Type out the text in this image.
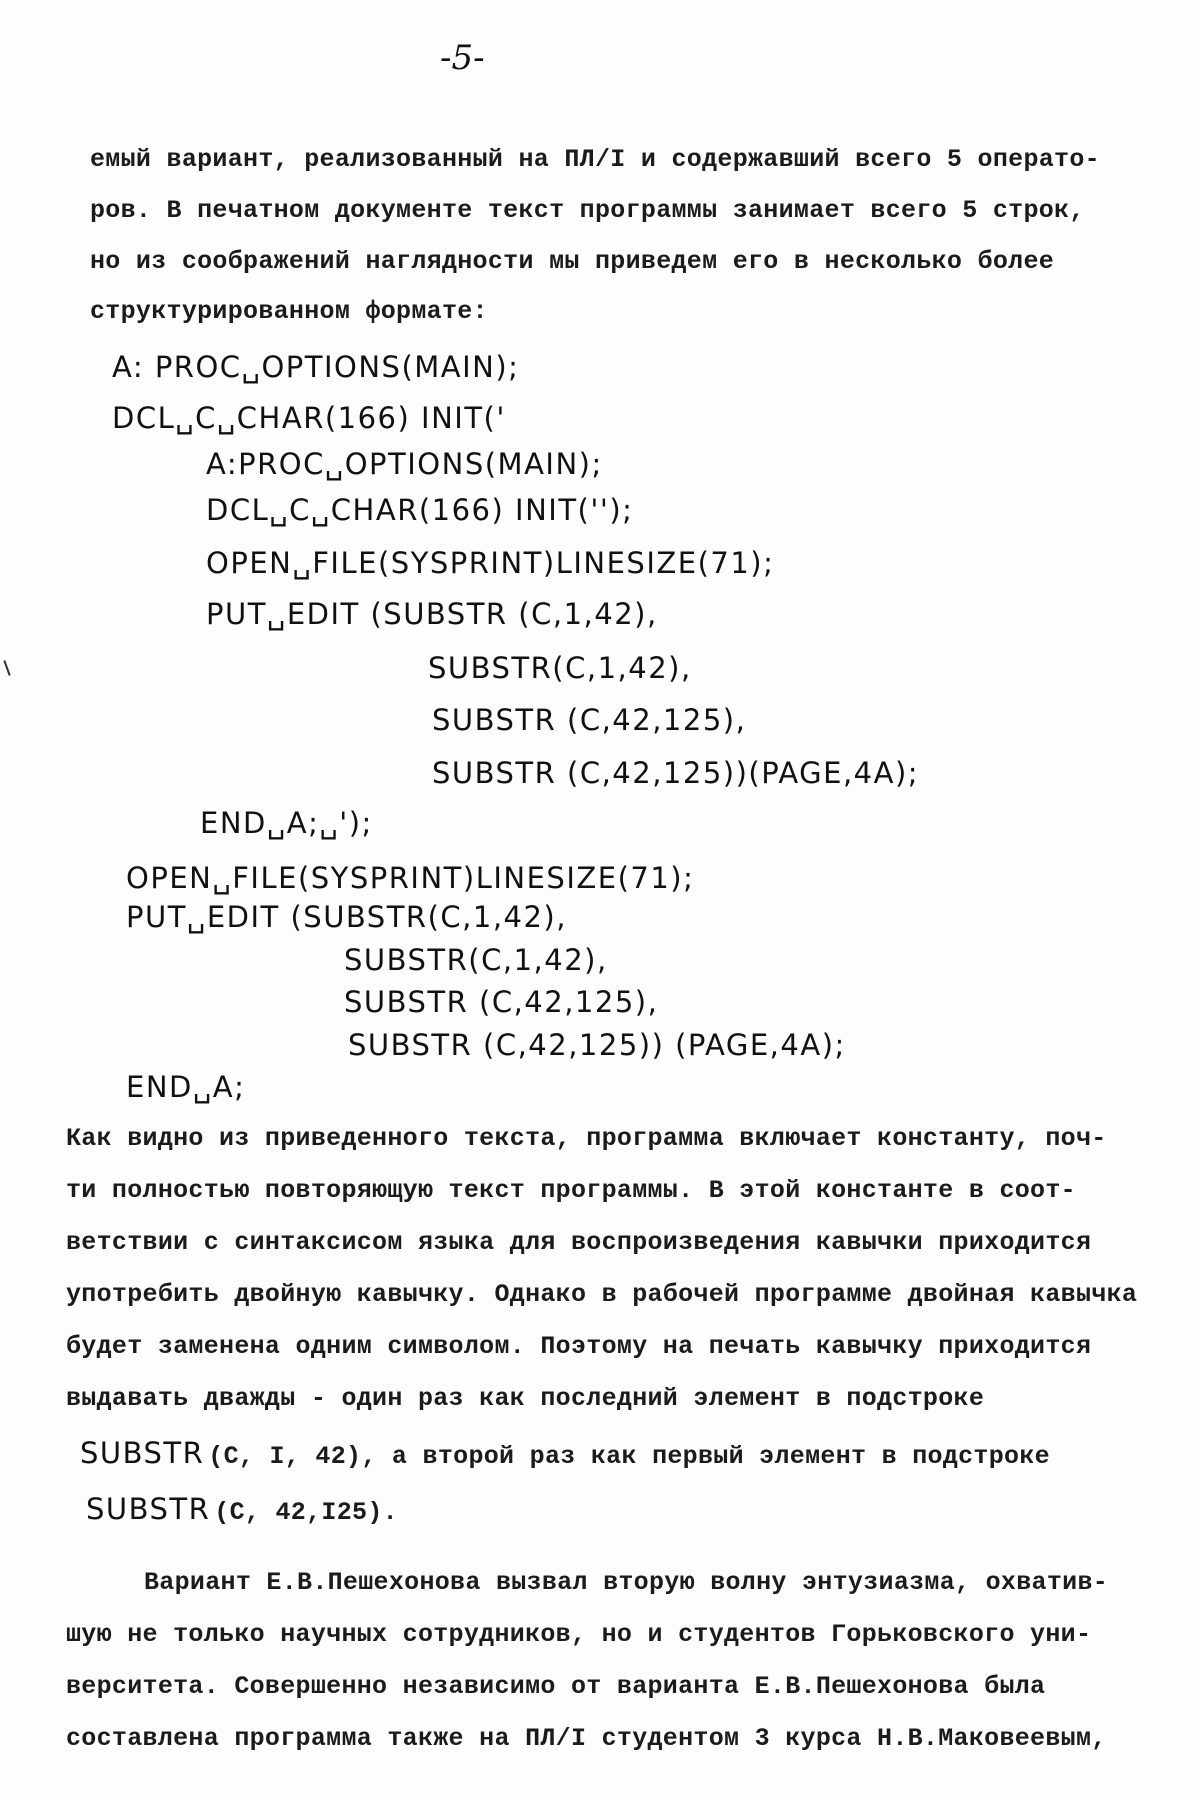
-5-

емый вариант, реализованный на ПЛ/I и содержавший всего 5 операто-

ров. В печатном документе текст программы занимает всего 5 строк,

но из соображений наглядности мы приведем его в несколько более

структурированном формате:

A: PROC␣OPTIONS(MAIN);

DCL␣C␣CHAR(166) INIT('

A:PROC␣OPTIONS(MAIN);

DCL␣C␣CHAR(166) INIT('');

OPEN␣FILE(SYSPRINT)LINESIZE(71);

PUT␣EDIT (SUBSTR (C,1,42),

SUBSTR(C,1,42),

SUBSTR (C,42,125),

SUBSTR (C,42,125))(PAGE,4A);

END␣A;␣');

OPEN␣FILE(SYSPRINT)LINESIZE(71);

PUT␣EDIT (SUBSTR(C,1,42),

SUBSTR(C,1,42),

SUBSTR (C,42,125),

SUBSTR (C,42,125)) (PAGE,4A);

END␣A;

Как видно из приведенного текста, программа включает константу, поч-

ти полностью повторяющую текст программы. В этой константе в соот-

ветствии с синтаксисом языка для воспроизведения кавычки приходится

употребить двойную кавычку. Однако в рабочей программе двойная кавычка

будет заменена одним символом. Поэтому на печать кавычку приходится

выдавать дважды - один раз как последний элемент в подстроке

SUBSTR (C, I, 42), а второй раз как первый элемент в подстроке
SUBSTR (C, 42,I25).

Вариант Е.В.Пешехонова вызвал вторую волну энтузиазма, охватив-

шую не только научных сотрудников, но и студентов Горьковского уни-

верситета. Совершенно независимо от варианта Е.В.Пешехонова была

составлена программа также на ПЛ/I студентом 3 курса Н.В.Маковеевым,
